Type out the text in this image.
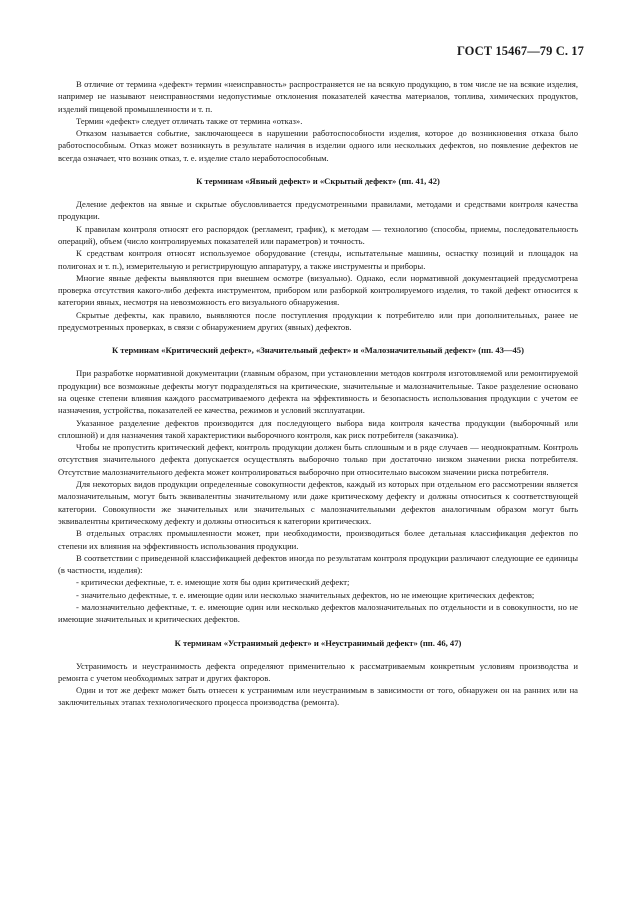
ГОСТ 15467—79 С. 17

В отличие от термина «дефект» термин «неисправность» распространяется не на всякую продукцию, в том числе не на всякие изделия, например не называют неисправностями недопустимые отклонения показателей качества материалов, топлива, химических продуктов, изделий пищевой промышленности и т. п.

Термин «дефект» следует отличать также от термина «отказ».

Отказом называется событие, заключающееся в нарушении работоспособности изделия, которое до возникновения отказа было работоспособным. Отказ может возникнуть в результате наличия в изделии одного или нескольких дефектов, но появление дефектов не всегда означает, что возник отказ, т. е. изделие стало неработоспособным.

К терминам «Явный дефект» и «Скрытый дефект» (пп. 41, 42)

Деление дефектов на явные и скрытые обусловливается предусмотренными правилами, методами и средствами контроля качества продукции.

К правилам контроля относят его распорядок (регламент, график), к методам — технологию (способы, приемы, последовательность операций), объем (число контролируемых показателей или параметров) и точность.

К средствам контроля относят используемое оборудование (стенды, испытательные машины, оснастку позиций и площадок на полигонах и т. п.), измерительную и регистрирующую аппаратуру, а также инструменты и приборы.

Многие явные дефекты выявляются при внешнем осмотре (визуально). Однако, если нормативной документацией предусмотрена проверка отсутствия какого-либо дефекта инструментом, прибором или разборкой контролируемого изделия, то такой дефект относится к категории явных, несмотря на невозможность его визуального обнаружения.

Скрытые дефекты, как правило, выявляются после поступления продукции к потребителю или при дополнительных, ранее не предусмотренных проверках, в связи с обнаружением других (явных) дефектов.

К терминам «Критический дефект», «Значительный дефект» и «Малозначительный дефект» (пп. 43—45)

При разработке нормативной документации (главным образом, при установлении методов контроля изготовляемой или ремонтируемой продукции) все возможные дефекты могут подразделяться на критические, значительные и малозначительные. Такое разделение основано на оценке степени влияния каждого рассматриваемого дефекта на эффективность и безопасность использования продукции с учетом ее назначения, устройства, показателей ее качества, режимов и условий эксплуатации.

Указанное разделение дефектов производится для последующего выбора вида контроля качества продукции (выборочный или сплошной) и для назначения такой характеристики выборочного контроля, как риск потребителя (заказчика).

Чтобы не пропустить критический дефект, контроль продукции должен быть сплошным и в ряде случаев — неоднократным. Контроль отсутствия значительного дефекта допускается осуществлять выборочно только при достаточно низком значении риска потребителя. Отсутствие малозначительного дефекта может контролироваться выборочно при относительно высоком значении риска потребителя.

Для некоторых видов продукции определенные совокупности дефектов, каждый из которых при отдельном его рассмотрении является малозначительным, могут быть эквивалентны значительному или даже критическому дефекту и должны относиться к соответствующей категории. Совокупности же значительных или значительных с малозначительными дефектов аналогичным образом могут быть эквивалентны критическому дефекту и должны относиться к категории критических.

В отдельных отраслях промышленности может, при необходимости, производиться более детальная классификация дефектов по степени их влияния на эффективность использования продукции.

В соответствии с приведенной классификацией дефектов иногда по результатам контроля продукции различают следующие ее единицы (в частности, изделия):

- критически дефектные, т. е. имеющие хотя бы один критический дефект;

- значительно дефектные, т. е. имеющие один или несколько значительных дефектов, но не имеющие критических дефектов;

- малозначительно дефектные, т. е. имеющие один или несколько дефектов малозначительных по отдельности и в совокупности, но не имеющие значительных и критических дефектов.

К терминам «Устранимый дефект» и «Неустранимый дефект» (пп. 46, 47)

Устранимость и неустранимость дефекта определяют применительно к рассматриваемым конкретным условиям производства и ремонта с учетом необходимых затрат и других факторов.

Один и тот же дефект может быть отнесен к устранимым или неустранимым в зависимости от того, обнаружен он на ранних или на заключительных этапах технологического процесса производства (ремонта).
